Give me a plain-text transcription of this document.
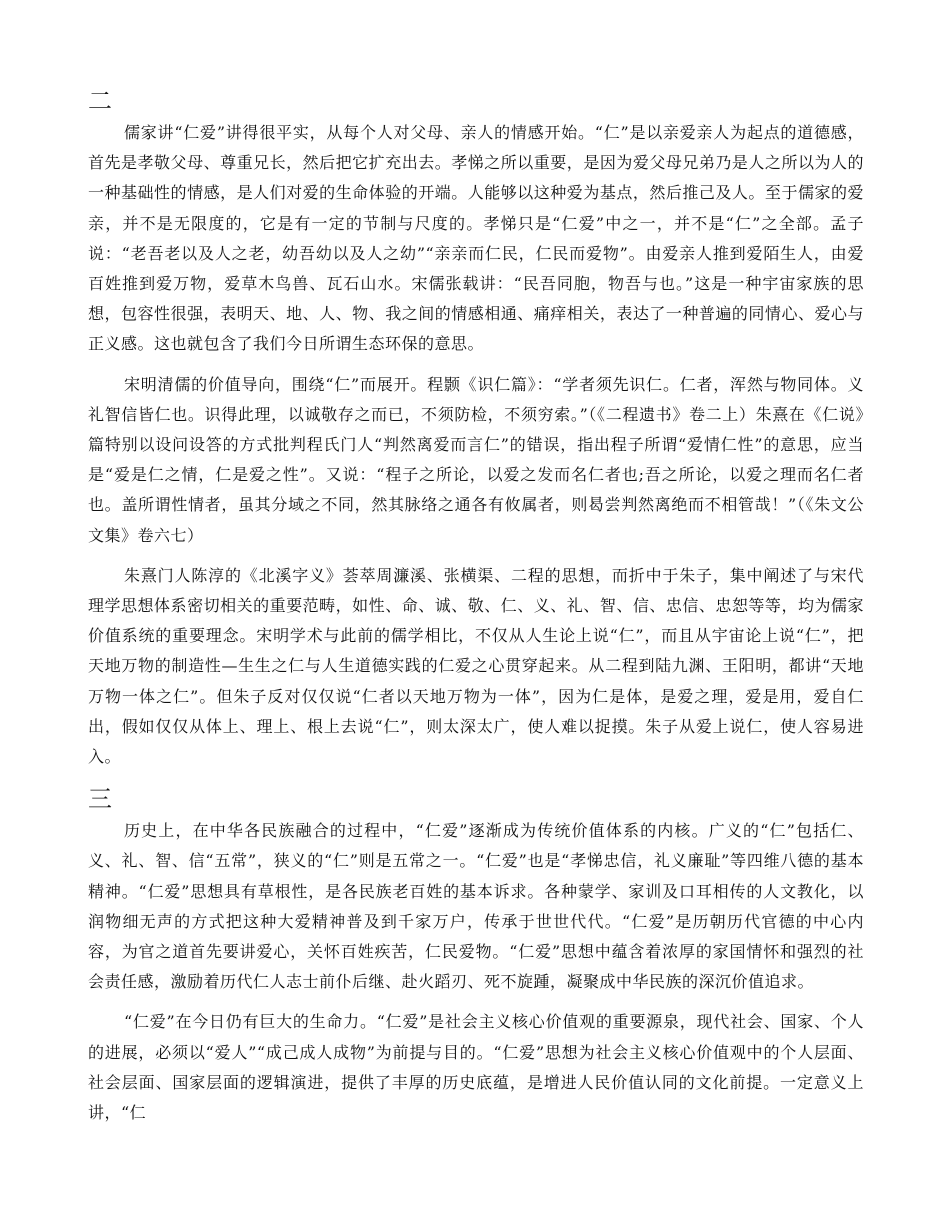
二

儒家讲“仁爱”讲得很平实，从每个人对父母、亲人的情感开始。“仁”是以亲爱亲人为起点的道德感，首先是孝敬父母、尊重兄长，然后把它扩充出去。孝悌之所以重要，是因为爱父母兄弟乃是人之所以为人的一种基础性的情感，是人们对爱的生命体验的开端。人能够以这种爱为基点，然后推己及人。至于儒家的爱亲，并不是无限度的，它是有一定的节制与尺度的。孝悌只是“仁爱”中之一，并不是“仁”之全部。孟子说：“老吾老以及人之老，幼吾幼以及人之幼”“亲亲而仁民，仁民而爱物”。由爱亲人推到爱陌生人，由爱百姓推到爱万物，爱草木鸟兽、瓦石山水。宋儒张载讲：“民吾同胞，物吾与也。”这是一种宇宙家族的思想，包容性很强，表明天、地、人、物、我之间的情感相通、痛痒相关，表达了一种普遍的同情心、爱心与正义感。这也就包含了我们今日所谓生态环保的意思。

宋明清儒的价值导向，围绕“仁”而展开。程颢《识仁篇》：“学者须先识仁。仁者，浑然与物同体。义礼智信皆仁也。识得此理，以诚敬存之而已，不须防检，不须穷索。”（《二程遗书》卷二上）朱熹在《仁说》篇特别以设问设答的方式批判程氏门人“判然离爱而言仁”的错误，指出程子所谓“爱情仁性”的意思，应当是“爱是仁之情，仁是爱之性”。又说：“程子之所论，以爱之发而名仁者也;吾之所论，以爱之理而名仁者也。盖所谓性情者，虽其分域之不同，然其脉络之通各有攸属者，则曷尝判然离绝而不相管哉！”（《朱文公文集》卷六七）

朱熹门人陈淳的《北溪字义》荟萃周濂溪、张横渠、二程的思想，而折中于朱子，集中阐述了与宋代理学思想体系密切相关的重要范畴，如性、命、诚、敬、仁、义、礼、智、信、忠信、忠恕等等，均为儒家价值系统的重要理念。宋明学术与此前的儒学相比，不仅从人生论上说“仁”，而且从宇宙论上说“仁”，把天地万物的制造性—生生之仁与人生道德实践的仁爱之心贯穿起来。从二程到陆九渊、王阳明，都讲“天地万物一体之仁”。但朱子反对仅仅说“仁者以天地万物为一体”，因为仁是体，是爱之理，爱是用，爱自仁出，假如仅仅从体上、理上、根上去说“仁”，则太深太广，使人难以捉摸。朱子从爱上说仁，使人容易进入。

三

历史上，在中华各民族融合的过程中，“仁爱”逐渐成为传统价值体系的内核。广义的“仁”包括仁、义、礼、智、信“五常”，狭义的“仁”则是五常之一。“仁爱”也是“孝悌忠信，礼义廉耻”等四维八德的基本精神。“仁爱”思想具有草根性，是各民族老百姓的基本诉求。各种蒙学、家训及口耳相传的人文教化，以润物细无声的方式把这种大爱精神普及到千家万户，传承于世世代代。“仁爱”是历朝历代官德的中心内容，为官之道首先要讲爱心，关怀百姓疾苦，仁民爱物。“仁爱”思想中蕴含着浓厚的家国情怀和强烈的社会责任感，激励着历代仁人志士前仆后继、赴火蹈刃、死不旋踵，凝聚成中华民族的深沉价值追求。

“仁爱”在今日仍有巨大的生命力。“仁爱”是社会主义核心价值观的重要源泉，现代社会、国家、个人的进展，必须以“爱人”“成己成人成物”为前提与目的。“仁爱”思想为社会主义核心价值观中的个人层面、社会层面、国家层面的逻辑演进，提供了丰厚的历史底蕴，是增进人民价值认同的文化前提。一定意义上讲，“仁
